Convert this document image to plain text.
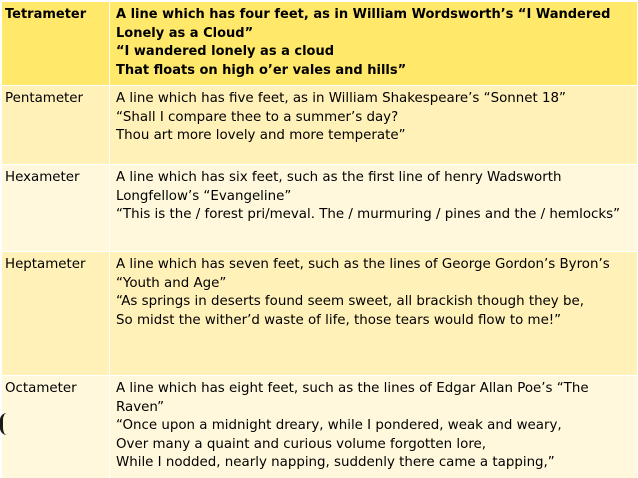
Tetrameter	A line which has four feet, as in William Wordsworth’s “I Wandered Lonely as a Cloud”
“I wandered lonely as a cloud
That floats on high o’er vales and hills”

Pentameter	A line which has five feet, as in William Shakespeare’s “Sonnet 18”
“Shall I compare thee to a summer’s day?
Thou art more lovely and more temperate”

Hexameter	A line which has six feet, such as the first line of henry Wadsworth Longfellow’s “Evangeline”
“This is the / forest pri/meval. The / murmuring / pines and the / hemlocks”

Heptameter	A line which has seven feet, such as the lines of George Gordon’s Byron’s “Youth and Age”
“As springs in deserts found seem sweet, all brackish though they be,
So midst the wither’d waste of life, those tears would flow to me!”

Octameter	A line which has eight feet, such as the lines of Edgar Allan Poe’s “The Raven”
“Once upon a midnight dreary, while I pondered, weak and weary,
Over many a quaint and curious volume forgotten lore,
While I nodded, nearly napping, suddenly there came a tapping,”
